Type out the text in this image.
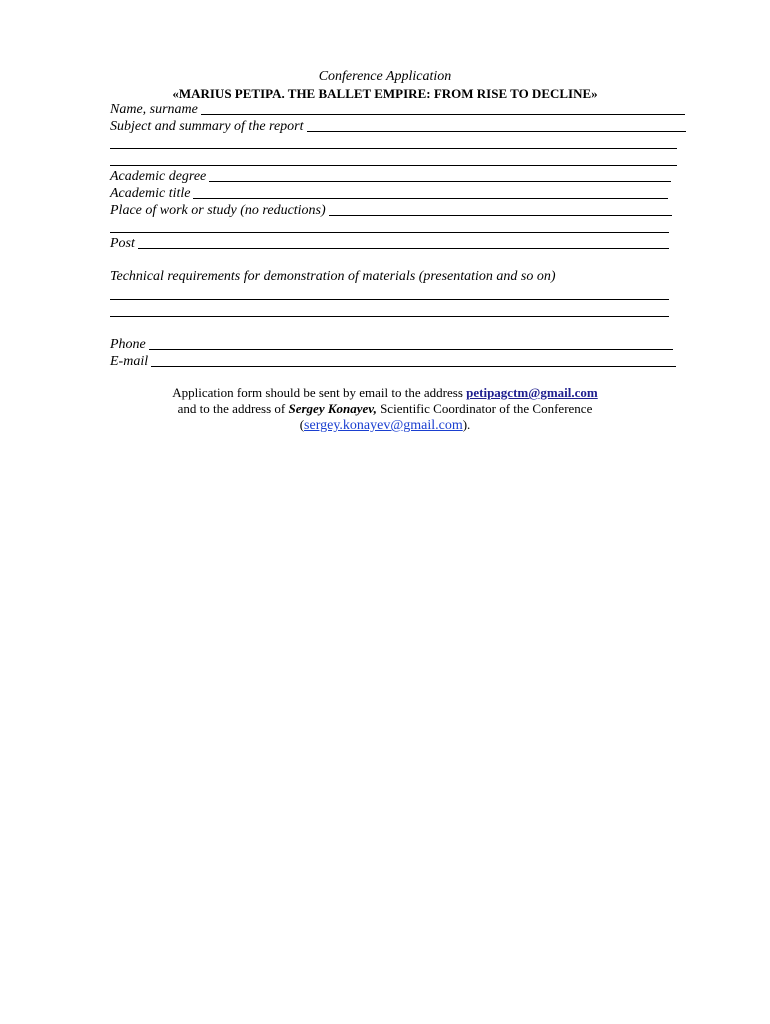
Conference Application
«MARIUS PETIPA. THE BALLET EMPIRE: FROM RISE TO DECLINE»
Name, surname
Subject and summary of the report
Academic degree
Academic title
Place of work or study (no reductions)
Post
Technical requirements for demonstration of materials (presentation and so on)
Phone
E-mail
Application form should be sent by email to the address petipagctm@gmail.com
and to the address of Sergey Konayev, Scientific Coordinator of the Conference
(sergey.konayev@gmail.com).
